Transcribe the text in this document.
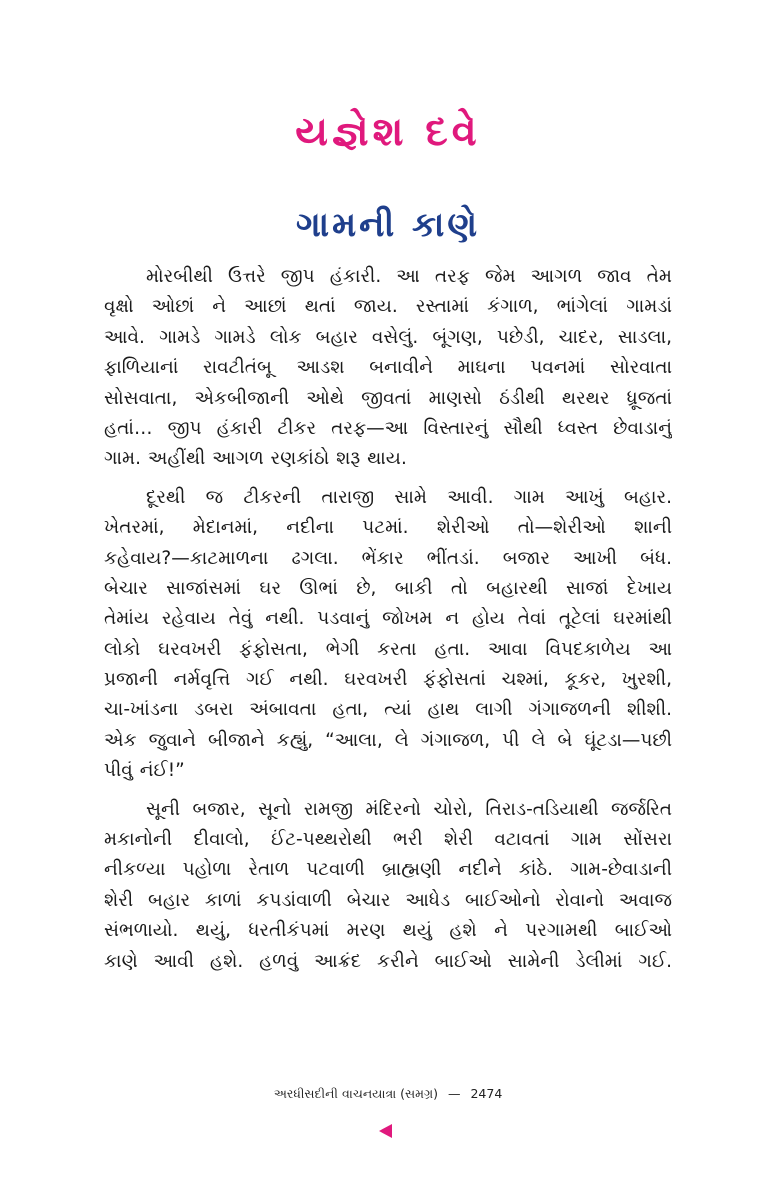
યજ્ઞેશ દવે
ગામની કાણે
મોરબીથી ઉત્તરે જીપ હંકારી. આ તરફ જેમ આગળ જાવ તેમ
વૃક્ષો ઓછાં ને આછાં થતાં જાય. રસ્તામાં કંગાળ, ભાંગેલાં ગામડાં
આવે. ગામડે ગામડે લોક બહાર વસેલું. બૂંગણ, પછેડી, ચાદર, સાડલા,
ફાળિયાનાં રાવટીતંબૂ આડશ બનાવીને માઘના પવનમાં સોરવાતા
સોસવાતા, એકબીજાની ઓથે જીવતાં માણસો ઠંડીથી થરથર ધ્રૂજતાં
હતાં… જીપ હંકારી ટીકર તરફ—આ વિસ્તારનું સૌથી ધ્વસ્ત છેવાડાનું
ગામ. અહીંથી આગળ રણકાંઠો શરૂ થાય.
દૂરથી જ ટીકરની તારાજી સામે આવી. ગામ આખું બહાર.
ખેતરમાં, મેદાનમાં, નદીના પટમાં. શેરીઓ તો—શેરીઓ શાની
કહેવાય?—કાટમાળના ઢગલા. ભેંકાર ભીંતડાં. બજાર આખી બંધ.
બેચાર સાજાંસમાં ઘર ઊભાં છે, બાકી તો બહારથી સાજાં દેખાય
તેમાંય રહેવાય તેવું નથી. પડવાનું જોખમ ન હોય તેવાં તૂટેલાં ઘરમાંથી
લોકો ઘરવખરી ફંફોસતા, ભેગી કરતા હતા. આવા વિપદકાળેય આ
પ્રજાની નર્મવૃત્તિ ગઈ નથી. ઘરવખરી ફંફોસતાં ચશ્માં, કૂકર, ખુરશી,
ચા-ખાંડના ડબરા અંબાવતા હતા, ત્યાં હાથ લાગી ગંગાજળની શીશી.
એક જુવાને બીજાને કહ્યું, “આલા, લે ગંગાજળ, પી લે બે ઘૂંટડા—પછી
પીવું નંઈ!”
સૂની બજાર, સૂનો રામજી મંદિરનો ચોરો, તિરાડ-તડિયાથી જર્જરિત
મકાનોની દીવાલો, ઈંટ-પથ્થરોથી ભરી શેરી વટાવતાં ગામ સોંસરા
નીકળ્યા પહોળા રેતાળ પટવાળી બ્રાહ્મણી નદીને કાંઠે. ગામ-છેવાડાની
શેરી બહાર કાળાં કપડાંવાળી બેચાર આધેડ બાઈઓનો રોવાનો અવાજ
સંભળાયો. થયું, ધરતીકંપમાં મરણ થયું હશે ને પરગામથી બાઈઓ
કાણે આવી હશે. હળવું આક્રંદ કરીને બાઈઓ સામેની ડેલીમાં ગઈ.
અરધીસદીની વાચનયાત્રા (સમગ્ર) — 2474
